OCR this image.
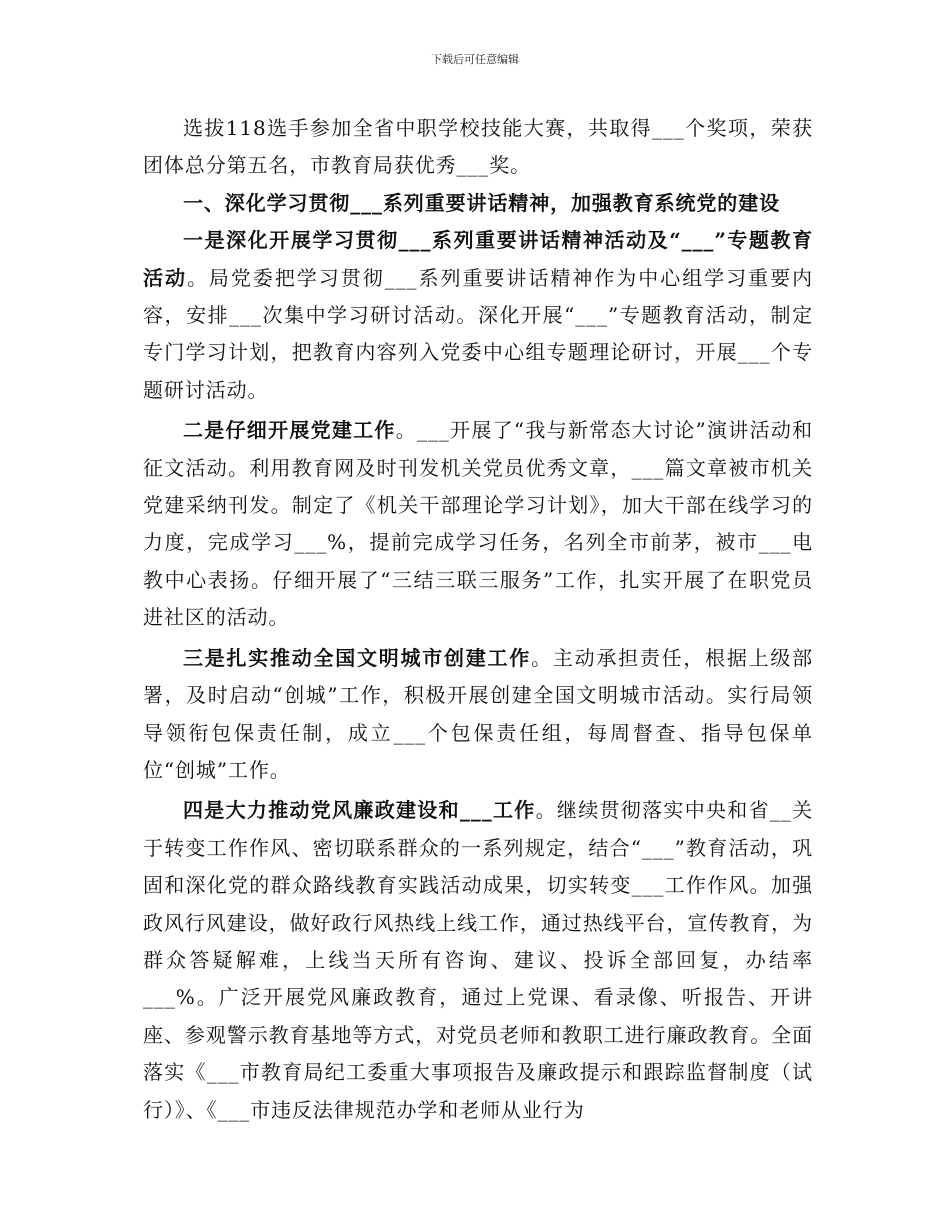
下载后可任意编辑

选拔118选手参加全省中职学校技能大赛，共取得___个奖项，荣获团体总分第五名，市教育局获优秀___奖。

一、深化学习贯彻___系列重要讲话精神，加强教育系统党的建设

一是深化开展学习贯彻___系列重要讲话精神活动及“___”专题教育活动。局党委把学习贯彻___系列重要讲话精神作为中心组学习重要内容，安排___次集中学习研讨活动。深化开展“___”专题教育活动，制定专门学习计划，把教育内容列入党委中心组专题理论研讨，开展___个专题研讨活动。

二是仔细开展党建工作。___开展了“我与新常态大讨论”演讲活动和征文活动。利用教育网及时刊发机关党员优秀文章，___篇文章被市机关党建采纳刊发。制定了《机关干部理论学习计划》，加大干部在线学习的力度，完成学习___%，提前完成学习任务，名列全市前茅，被市___电教中心表扬。仔细开展了“三结三联三服务”工作，扎实开展了在职党员进社区的活动。

三是扎实推动全国文明城市创建工作。主动承担责任，根据上级部署，及时启动“创城”工作，积极开展创建全国文明城市活动。实行局领导领衔包保责任制，成立___个包保责任组，每周督查、指导包保单位“创城”工作。

四是大力推动党风廉政建设和___工作。继续贯彻落实中央和省__关于转变工作作风、密切联系群众的一系列规定，结合“___”教育活动，巩固和深化党的群众路线教育实践活动成果，切实转变___工作作风。加强政风行风建设，做好政行风热线上线工作，通过热线平台，宣传教育，为群众答疑解难，上线当天所有咨询、建议、投诉全部回复，办结率___%。广泛开展党风廉政教育，通过上党课、看录像、听报告、开讲座、参观警示教育基地等方式，对党员老师和教职工进行廉政教育。全面落实《___市教育局纪工委重大事项报告及廉政提示和跟踪监督制度（试行）》、《___市违反法律规范办学和老师从业行为
